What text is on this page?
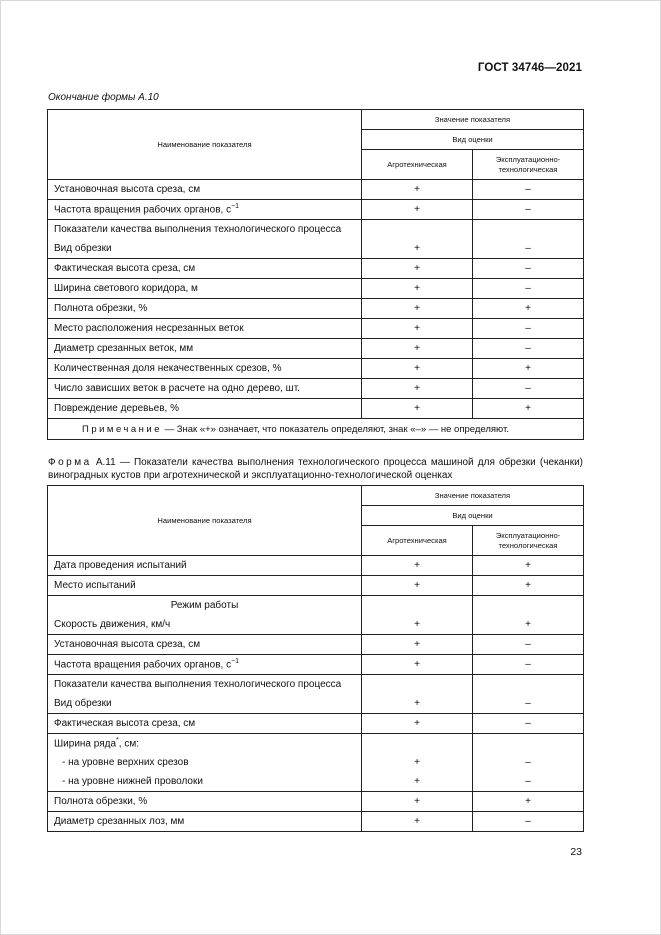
ГОСТ 34746—2021
Окончание формы А.10
Наименование показателя	Значение показателя	
	Вид оценки	
	Агротехническая	Эксплуатационно-технологическая
Установочная высота среза, см	+	–
Частота вращения рабочих органов, $с^{-1}$	+	–
Показатели качества выполнения технологического процесса		
Вид обрезки	+	–
Фактическая высота среза, см	+	–
Ширина светового коридора, м	+	–
Полнота обрезки, %	+	+
Место расположения несрезанных веток	+	–
Диаметр срезанных веток, мм	+	–
Количественная доля некачественных срезов, %	+	+
Число зависших веток в расчете на одно дерево, шт.	+	–
Повреждение деревьев, %	+	+
Примечание — Знак «+» означает, что показатель определяют, знак «–» — не определяют.		
Форма А.11 — Показатели качества выполнения технологического процесса машиной для обрезки (чеканки) виноградных кустов при агротехнической и эксплуатационно-технологической оценках
Наименование показателя	Значение показателя	
	Вид оценки	
	Агротехническая	Эксплуатационно-технологическая
Дата проведения испытаний	+	+
Место испытаний	+	+
Режим работы		
Скорость движения, км/ч	+	+
Установочная высота среза, см	+	–
Частота вращения рабочих органов, $с^{-1}$	+	–
Показатели качества выполнения технологического процесса		
Вид обрезки	+	–
Фактическая высота среза, см	+	–
Ширина ряда*, см:		
- на уровне верхних срезов	+	–
- на уровне нижней проволоки	+	–
Полнота обрезки, %	+	+
Диаметр срезанных лоз, мм	+	–
23
